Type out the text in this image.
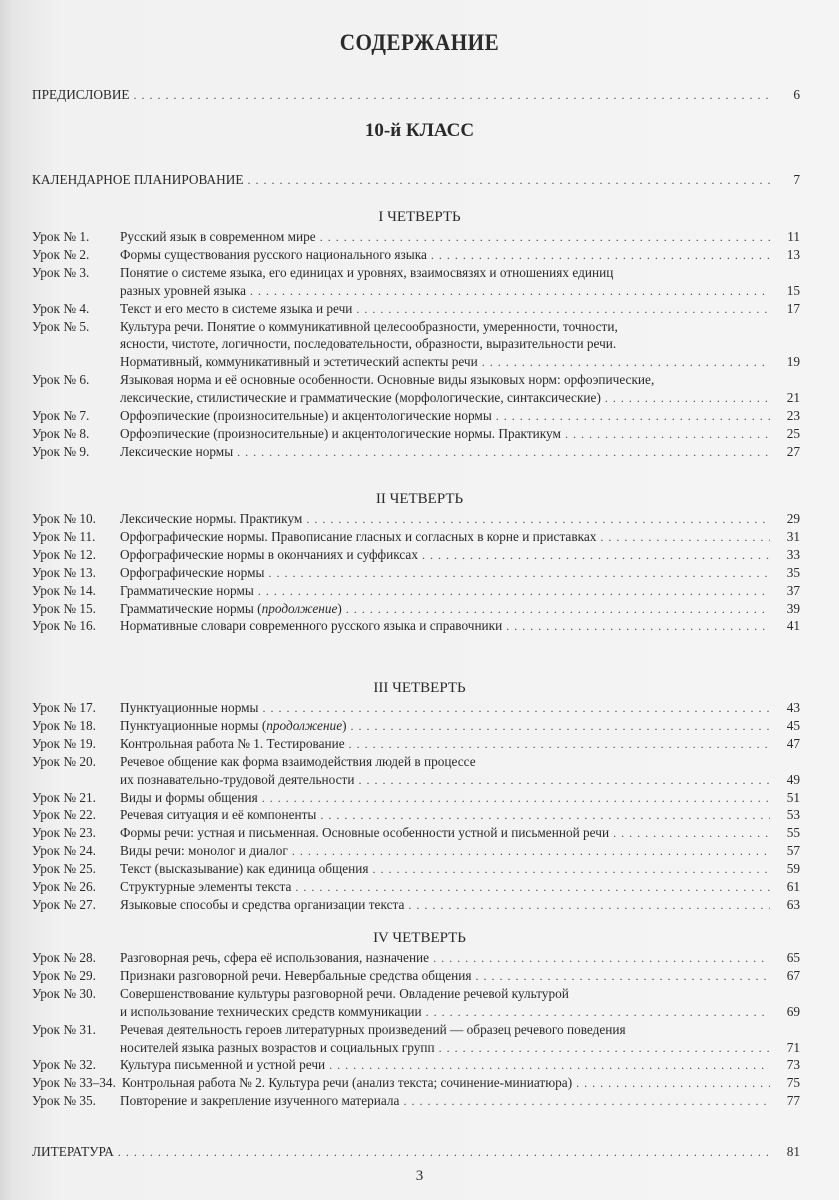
СОДЕРЖАНИЕ
ПРЕДИСЛОВИЕ . . .	6
10-й КЛАСС
КАЛЕНДАРНОЕ ПЛАНИРОВАНИЕ . . .	7
I ЧЕТВЕРТЬ
Урок № 1.	Русский язык в современном мире . . .	11
Урок № 2.	Формы существования русского национального языка . . .	13
Урок № 3.	Понятие о системе языка, его единицах и уровнях, взаимосвязях и отношениях единиц
разных уровней языка . . .	15
Урок № 4.	Текст и его место в системе языка и речи . . .	17
Урок № 5.	Культура речи. Понятие о коммуникативной целесообразности, умеренности, точности,
ясности, чистоте, логичности, последовательности, образности, выразительности речи.
Нормативный, коммуникативный и эстетический аспекты речи . . .	19
Урок № 6.	Языковая норма и её основные особенности. Основные виды языковых норм: орфоэпические,
лексические, стилистические и грамматические (морфологические, синтаксические) . . .	21
Урок № 7.	Орфоэпические (произносительные) и акцентологические нормы . . .	23
Урок № 8.	Орфоэпические (произносительные) и акцентологические нормы. Практикум . . .	25
Урок № 9.	Лексические нормы . . .	27
II ЧЕТВЕРТЬ
Урок № 10.	Лексические нормы. Практикум . . .	29
Урок № 11.	Орфографические нормы. Правописание гласных и согласных в корне и приставках . . .	31
Урок № 12.	Орфографические нормы в окончаниях и суффиксах . . .	33
Урок № 13.	Орфографические нормы . . .	35
Урок № 14.	Грамматические нормы . . .	37
Урок № 15.	Грамматические нормы (продолжение) . . .	39
Урок № 16.	Нормативные словари современного русского языка и справочники . . .	41
III ЧЕТВЕРТЬ
Урок № 17.	Пунктуационные нормы . . .	43
Урок № 18.	Пунктуационные нормы (продолжение) . . .	45
Урок № 19.	Контрольная работа № 1. Тестирование . . .	47
Урок № 20.	Речевое общение как форма взаимодействия людей в процессе
их познавательно-трудовой деятельности . . .	49
Урок № 21.	Виды и формы общения . . .	51
Урок № 22.	Речевая ситуация и её компоненты . . .	53
Урок № 23.	Формы речи: устная и письменная. Основные особенности устной и письменной речи . . .	55
Урок № 24.	Виды речи: монолог и диалог . . .	57
Урок № 25.	Текст (высказывание) как единица общения . . .	59
Урок № 26.	Структурные элементы текста . . .	61
Урок № 27.	Языковые способы и средства организации текста . . .	63
IV ЧЕТВЕРТЬ
Урок № 28.	Разговорная речь, сфера её использования, назначение . . .	65
Урок № 29.	Признаки разговорной речи. Невербальные средства общения . . .	67
Урок № 30.	Совершенствование культуры разговорной речи. Овладение речевой культурой
и использование технических средств коммуникации . . .	69
Урок № 31.	Речевая деятельность героев литературных произведений — образец речевого поведения
носителей языка разных возрастов и социальных групп . . .	71
Урок № 32.	Культура письменной и устной речи . . .	73
Урок № 33–34. Контрольная работа № 2. Культура речи (анализ текста; сочинение-миниатюра) . . .	75
Урок № 35.	Повторение и закрепление изученного материала . . .	77
ЛИТЕРАТУРА . . .	81
3
